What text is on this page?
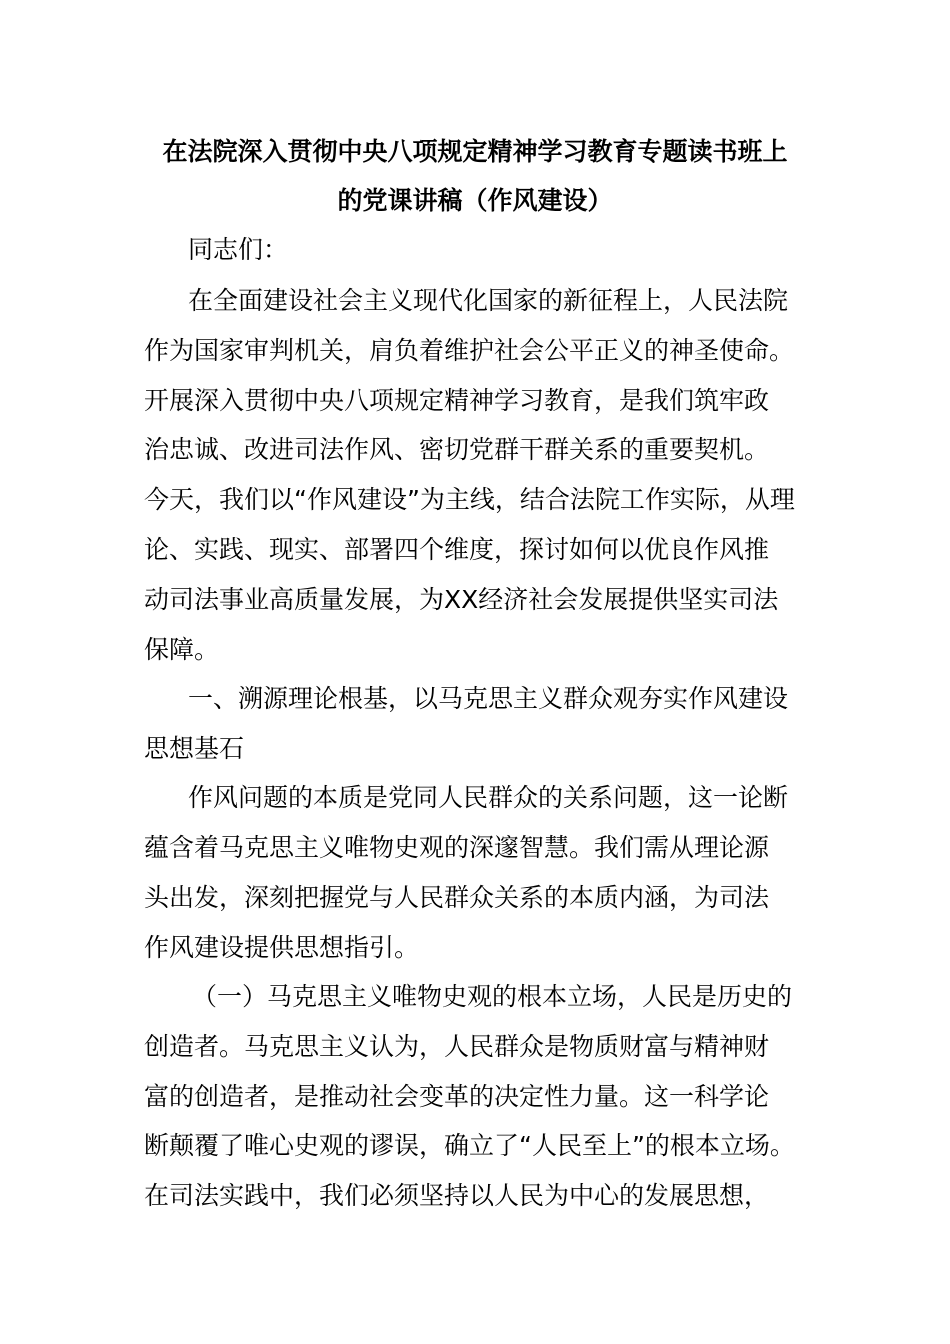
在法院深入贯彻中央八项规定精神学习教育专题读书班上
的党课讲稿（作风建设）
同志们：
在全面建设社会主义现代化国家的新征程上，人民法院
作为国家审判机关，肩负着维护社会公平正义的神圣使命。
开展深入贯彻中央八项规定精神学习教育，是我们筑牢政
治忠诚、改进司法作风、密切党群干群关系的重要契机。
今天，我们以“作风建设”为主线，结合法院工作实际，从理
论、实践、现实、部署四个维度，探讨如何以优良作风推
动司法事业高质量发展，为XX经济社会发展提供坚实司法
保障。
一、溯源理论根基，以马克思主义群众观夯实作风建设
思想基石
作风问题的本质是党同人民群众的关系问题，这一论断
蕴含着马克思主义唯物史观的深邃智慧。我们需从理论源
头出发，深刻把握党与人民群众关系的本质内涵，为司法
作风建设提供思想指引。
（一）马克思主义唯物史观的根本立场，人民是历史的
创造者。马克思主义认为，人民群众是物质财富与精神财
富的创造者，是推动社会变革的决定性力量。这一科学论
断颠覆了唯心史观的谬误，确立了“人民至上”的根本立场。
在司法实践中，我们必须坚持以人民为中心的发展思想，
